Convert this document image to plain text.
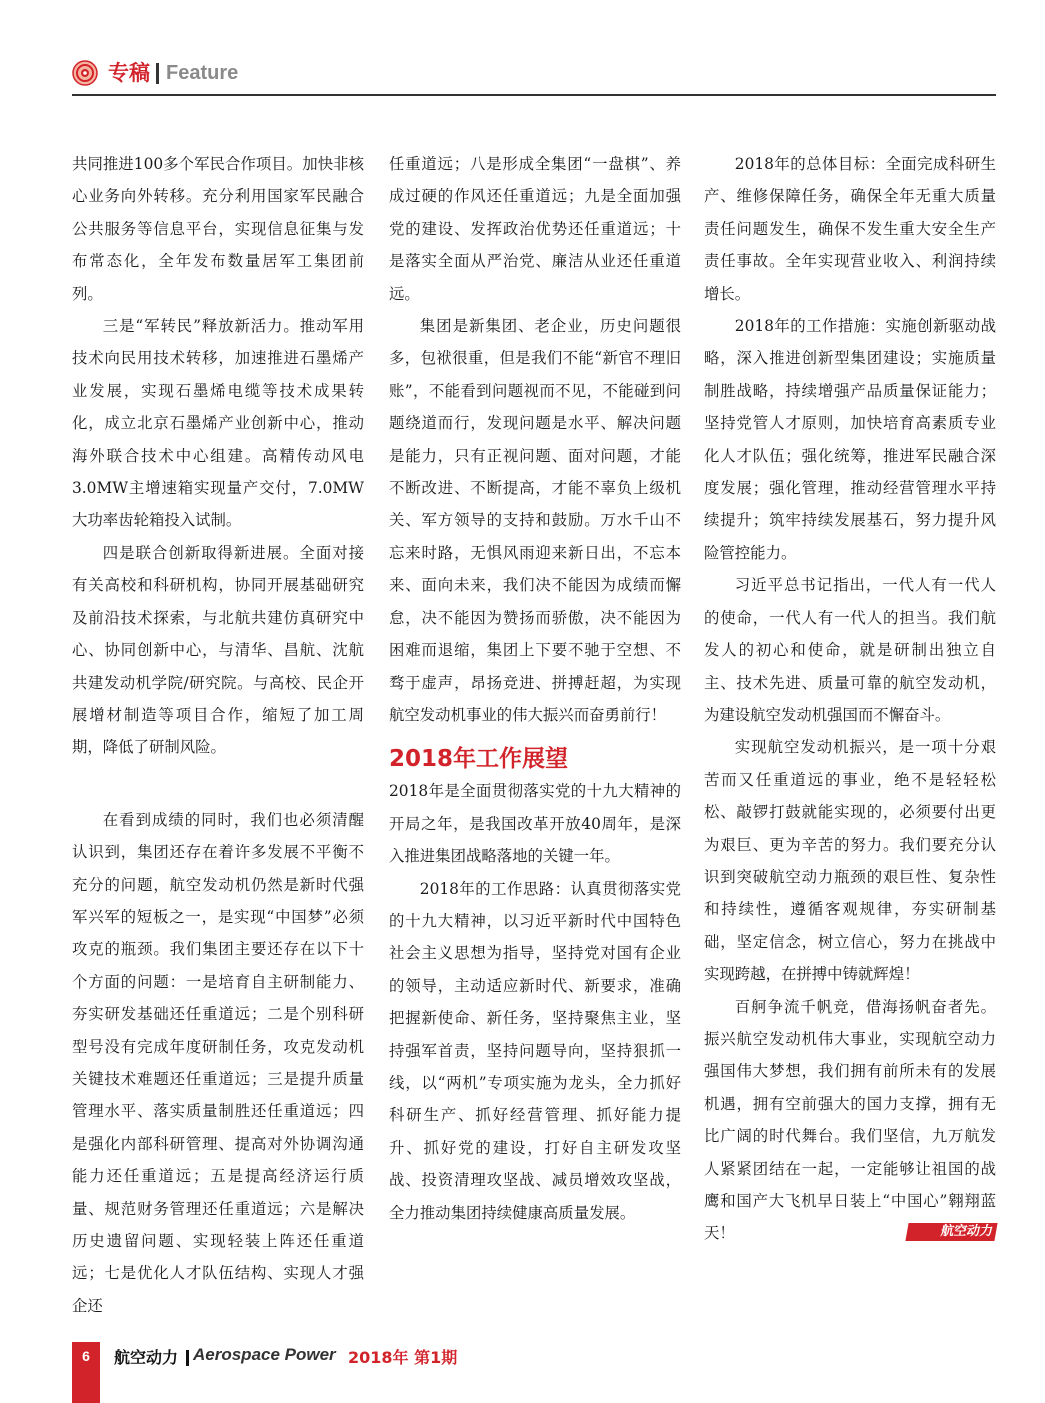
专稿 Feature

共同推进100多个军民合作项目。加快非核心业务向外转移。充分利用国家军民融合公共服务等信息平台，实现信息征集与发布常态化，全年发布数量居军工集团前列。

三是“军转民”释放新活力。推动军用技术向民用技术转移，加速推进石墨烯产业发展，实现石墨烯电缆等技术成果转化，成立北京石墨烯产业创新中心，推动海外联合技术中心组建。高精传动风电3.0MW主增速箱实现量产交付，7.0MW大功率齿轮箱投入试制。

四是联合创新取得新进展。全面对接有关高校和科研机构，协同开展基础研究及前沿技术探索，与北航共建仿真研究中心、协同创新中心，与清华、昌航、沈航共建发动机学院/研究院。与高校、民企开展增材制造等项目合作，缩短了加工周期，降低了研制风险。

在看到成绩的同时，我们也必须清醒认识到，集团还存在着许多发展不平衡不充分的问题，航空发动机仍然是新时代强军兴军的短板之一，是实现“中国梦”必须攻克的瓶颈。我们集团主要还存在以下十个方面的问题：一是培育自主研制能力、夯实研发基础还任重道远；二是个别科研型号没有完成年度研制任务，攻克发动机关键技术难题还任重道远；三是提升质量管理水平、落实质量制胜还任重道远；四是强化内部科研管理、提高对外协调沟通能力还任重道远；五是提高经济运行质量、规范财务管理还任重道远；六是解决历史遗留问题、实现轻装上阵还任重道远；七是优化人才队伍结构、实现人才强企还

任重道远；八是形成全集团“一盘棋”、养成过硬的作风还任重道远；九是全面加强党的建设、发挥政治优势还任重道远；十是落实全面从严治党、廉洁从业还任重道远。

集团是新集团、老企业，历史问题很多，包袱很重，但是我们不能“新官不理旧账”，不能看到问题视而不见，不能碰到问题绕道而行，发现问题是水平、解决问题是能力，只有正视问题、面对问题，才能不断改进、不断提高，才能不辜负上级机关、军方领导的支持和鼓励。万水千山不忘来时路，无惧风雨迎来新日出，不忘本来、面向未来，我们决不能因为成绩而懈怠，决不能因为赞扬而骄傲，决不能因为困难而退缩，集团上下要不驰于空想、不骛于虚声，昂扬竞进、拼搏赶超，为实现航空发动机事业的伟大振兴而奋勇前行！

2018年工作展望

2018年是全面贯彻落实党的十九大精神的开局之年，是我国改革开放40周年，是深入推进集团战略落地的关键一年。

2018年的工作思路：认真贯彻落实党的十九大精神，以习近平新时代中国特色社会主义思想为指导，坚持党对国有企业的领导，主动适应新时代、新要求，准确把握新使命、新任务，坚持聚焦主业，坚持强军首责，坚持问题导向，坚持狠抓一线，以“两机”专项实施为龙头，全力抓好科研生产、抓好经营管理、抓好能力提升、抓好党的建设，打好自主研发攻坚战、投资清理攻坚战、减员增效攻坚战，全力推动集团持续健康高质量发展。

2018年的总体目标：全面完成科研生产、维修保障任务，确保全年无重大质量责任问题发生，确保不发生重大安全生产责任事故。全年实现营业收入、利润持续增长。

2018年的工作措施：实施创新驱动战略，深入推进创新型集团建设；实施质量制胜战略，持续增强产品质量保证能力；坚持党管人才原则，加快培育高素质专业化人才队伍；强化统筹，推进军民融合深度发展；强化管理，推动经营管理水平持续提升；筑牢持续发展基石，努力提升风险管控能力。

习近平总书记指出，一代人有一代人的使命，一代人有一代人的担当。我们航发人的初心和使命，就是研制出独立自主、技术先进、质量可靠的航空发动机，为建设航空发动机强国而不懈奋斗。

实现航空发动机振兴，是一项十分艰苦而又任重道远的事业，绝不是轻轻松松、敲锣打鼓就能实现的，必须要付出更为艰巨、更为辛苦的努力。我们要充分认识到突破航空动力瓶颈的艰巨性、复杂性和持续性，遵循客观规律，夯实研制基础，坚定信念，树立信心，努力在挑战中实现跨越，在拼搏中铸就辉煌！

百舸争流千帆竞，借海扬帆奋者先。振兴航空发动机伟大事业，实现航空动力强国伟大梦想，我们拥有前所未有的发展机遇，拥有空前强大的国力支撑，拥有无比广阔的时代舞台。我们坚信，九万航发人紧紧团结在一起，一定能够让祖国的战鹰和国产大飞机早日装上“中国心”翱翔蓝天！	航空动力

6	航空动力 Aerospace Power 2018年 第1期
